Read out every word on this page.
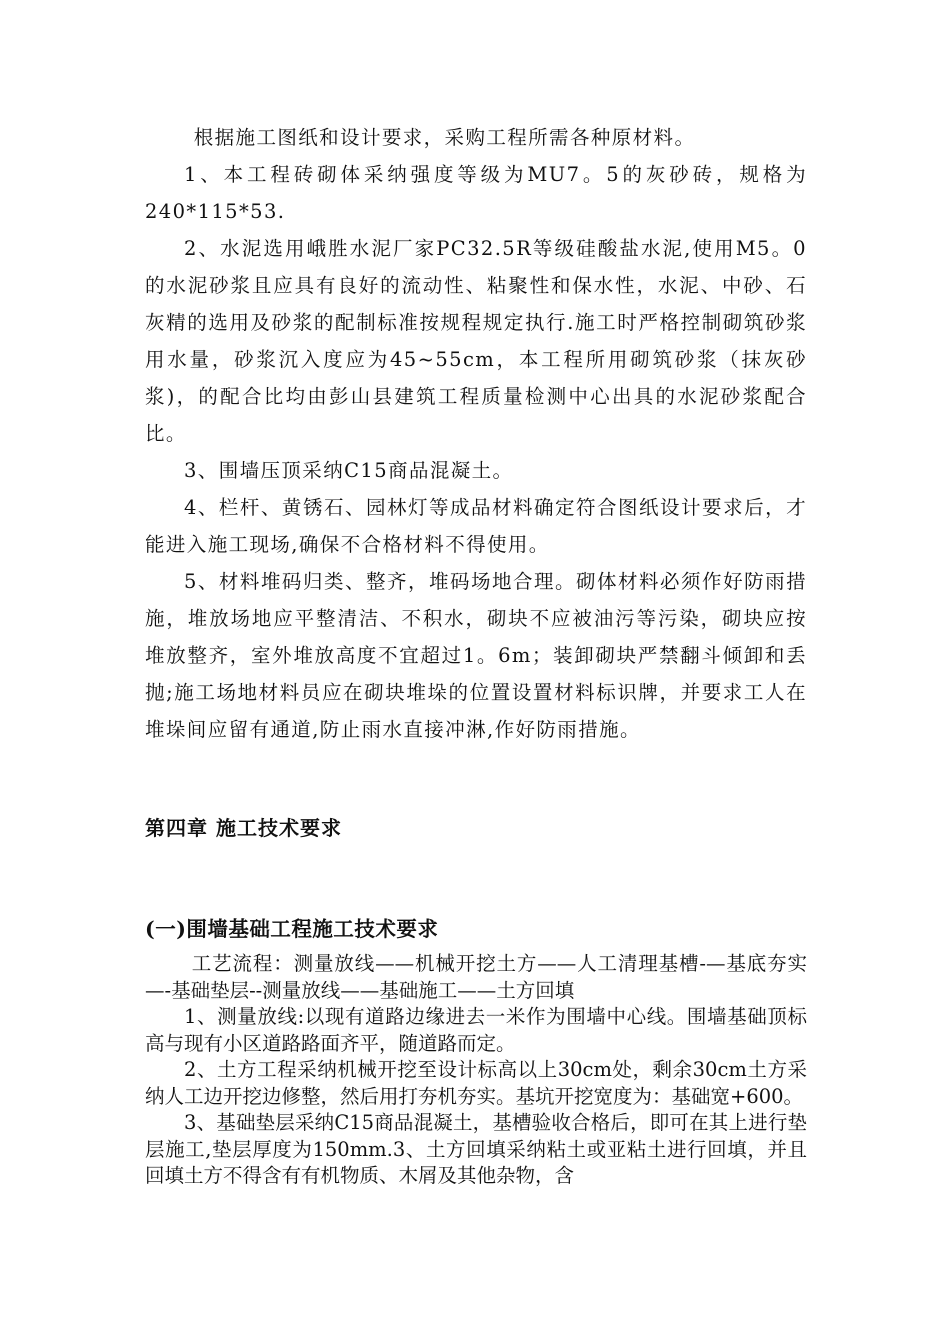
根据施工图纸和设计要求，采购工程所需各种原材料。

1、本工程砖砌体采纳强度等级为MU7。5的灰砂砖，规格为240*115*53.

2、水泥选用峨胜水泥厂家PC32.5R等级硅酸盐水泥,使用M5。0的水泥砂浆且应具有良好的流动性、粘聚性和保水性，水泥、中砂、石灰精的选用及砂浆的配制标准按规程规定执行.施工时严格控制砌筑砂浆用水量，砂浆沉入度应为45~55cm，本工程所用砌筑砂浆（抹灰砂浆)，的配合比均由彭山县建筑工程质量检测中心出具的水泥砂浆配合比。

3、围墙压顶采纳C15商品混凝土。

4、栏杆、黄锈石、园林灯等成品材料确定符合图纸设计要求后，才能进入施工现场,确保不合格材料不得使用。

5、材料堆码归类、整齐，堆码场地合理。砌体材料必须作好防雨措施，堆放场地应平整清洁、不积水，砌块不应被油污等污染，砌块应按堆放整齐，室外堆放高度不宜超过1。6m；装卸砌块严禁翻斗倾卸和丢抛;施工场地材料员应在砌块堆垛的位置设置材料标识牌，并要求工人在堆垛间应留有通道,防止雨水直接冲淋,作好防雨措施。

第四章 施工技术要求
(一)围墙基础工程施工技术要求

工艺流程：测量放线——机械开挖土方——人工清理基槽-—基底夯实—-基础垫层--测量放线——基础施工——土方回填

1、测量放线:以现有道路边缘进去一米作为围墙中心线。围墙基础顶标高与现有小区道路路面齐平，随道路而定。

2、土方工程采纳机械开挖至设计标高以上30cm处，剩余30cm土方采纳人工边开挖边修整，然后用打夯机夯实。基坑开挖宽度为：基础宽+600。

3、基础垫层采纳C15商品混凝土，基槽验收合格后，即可在其上进行垫层施工,垫层厚度为150mm.3、土方回填采纳粘土或亚粘土进行回填，并且回填土方不得含有有机物质、木屑及其他杂物，含
